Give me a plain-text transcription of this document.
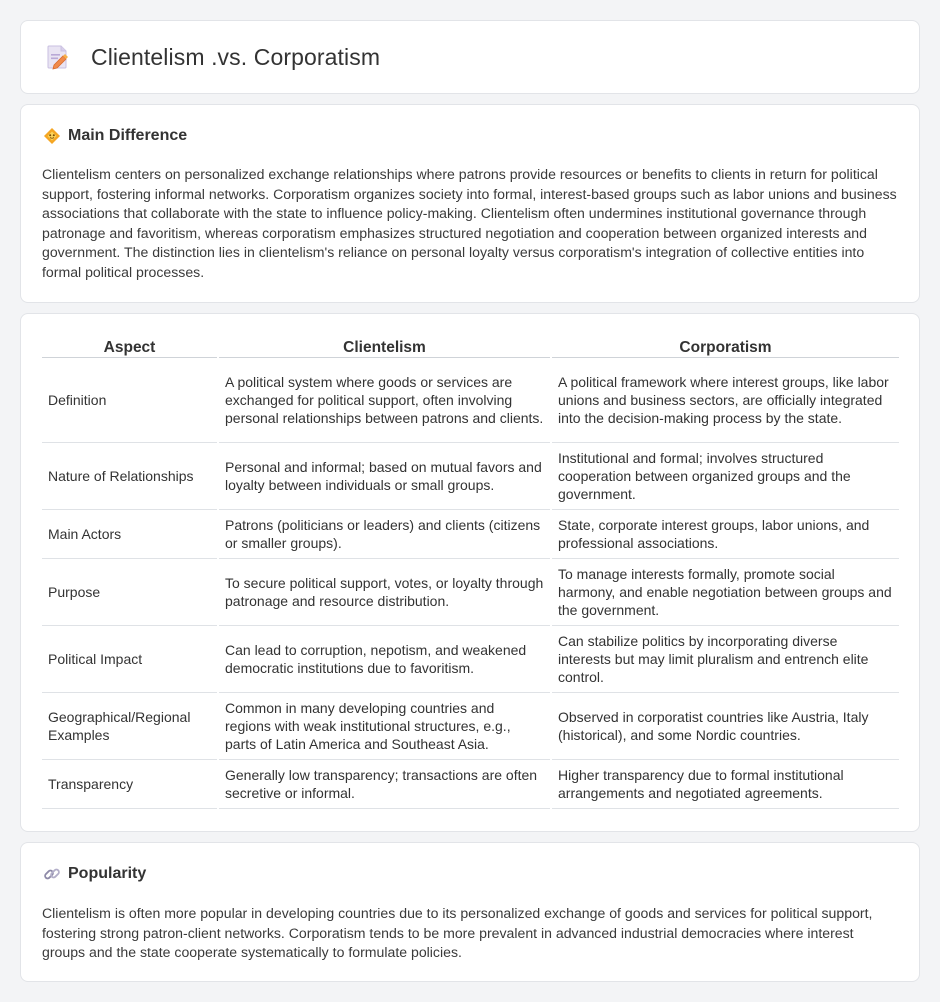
Clientelism .vs. Corporatism
Main Difference

Clientelism centers on personalized exchange relationships where patrons provide resources or benefits to clients in return for political support, fostering informal networks. Corporatism organizes society into formal, interest-based groups such as labor unions and business associations that collaborate with the state to influence policy-making. Clientelism often undermines institutional governance through patronage and favoritism, whereas corporatism emphasizes structured negotiation and cooperation between organized interests and government. The distinction lies in clientelism's reliance on personal loyalty versus corporatism's integration of collective entities into formal political processes.

Aspect	Clientelism	Corporatism
Definition	A political system where goods or services are exchanged for political support, often involving personal relationships between patrons and clients.	A political framework where interest groups, like labor unions and business sectors, are officially integrated into the decision-making process by the state.
Nature of Relationships	Personal and informal; based on mutual favors and loyalty between individuals or small groups.	Institutional and formal; involves structured cooperation between organized groups and the government.
Main Actors	Patrons (politicians or leaders) and clients (citizens or smaller groups).	State, corporate interest groups, labor unions, and professional associations.
Purpose	To secure political support, votes, or loyalty through patronage and resource distribution.	To manage interests formally, promote social harmony, and enable negotiation between groups and the government.
Political Impact	Can lead to corruption, nepotism, and weakened democratic institutions due to favoritism.	Can stabilize politics by incorporating diverse interests but may limit pluralism and entrench elite control.
Geographical/Regional Examples	Common in many developing countries and regions with weak institutional structures, e.g., parts of Latin America and Southeast Asia.	Observed in corporatist countries like Austria, Italy (historical), and some Nordic countries.
Transparency	Generally low transparency; transactions are often secretive or informal.	Higher transparency due to formal institutional arrangements and negotiated agreements.
Popularity

Clientelism is often more popular in developing countries due to its personalized exchange of goods and services for political support, fostering strong patron-client networks. Corporatism tends to be more prevalent in advanced industrial democracies where interest groups and the state cooperate systematically to formulate policies.
